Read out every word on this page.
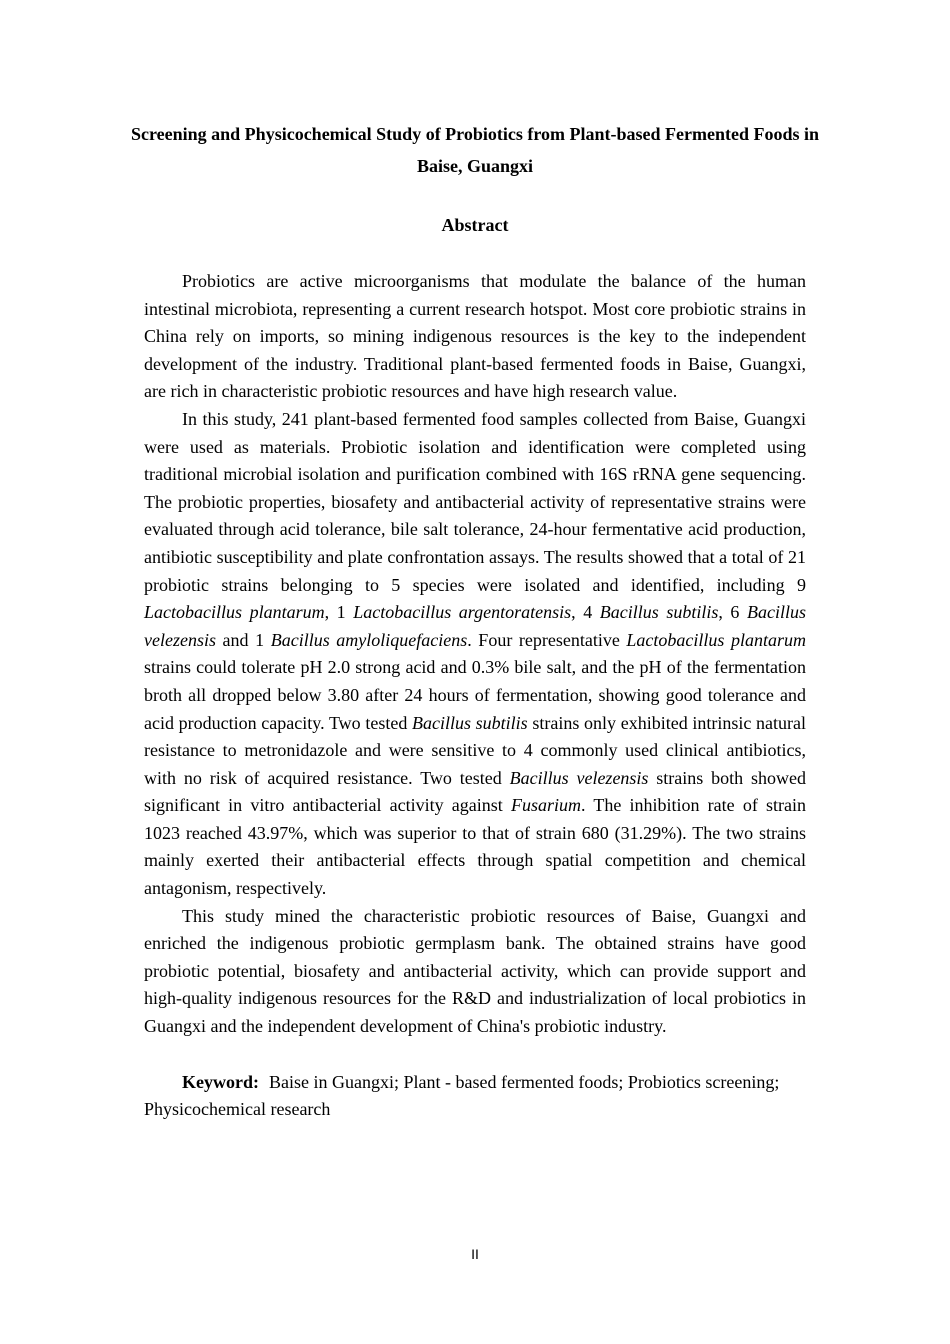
Screening and Physicochemical Study of Probiotics from Plant-based Fermented Foods in Baise, Guangxi

Abstract

Probiotics are active microorganisms that modulate the balance of the human intestinal microbiota, representing a current research hotspot. Most core probiotic strains in China rely on imports, so mining indigenous resources is the key to the independent development of the industry. Traditional plant-based fermented foods in Baise, Guangxi, are rich in characteristic probiotic resources and have high research value.

In this study, 241 plant-based fermented food samples collected from Baise, Guangxi were used as materials. Probiotic isolation and identification were completed using traditional microbial isolation and purification combined with 16S rRNA gene sequencing. The probiotic properties, biosafety and antibacterial activity of representative strains were evaluated through acid tolerance, bile salt tolerance, 24-hour fermentative acid production, antibiotic susceptibility and plate confrontation assays. The results showed that a total of 21 probiotic strains belonging to 5 species were isolated and identified, including 9 Lactobacillus plantarum, 1 Lactobacillus argentoratensis, 4 Bacillus subtilis, 6 Bacillus velezensis and 1 Bacillus amyloliquefaciens. Four representative Lactobacillus plantarum strains could tolerate pH 2.0 strong acid and 0.3% bile salt, and the pH of the fermentation broth all dropped below 3.80 after 24 hours of fermentation, showing good tolerance and acid production capacity. Two tested Bacillus subtilis strains only exhibited intrinsic natural resistance to metronidazole and were sensitive to 4 commonly used clinical antibiotics, with no risk of acquired resistance. Two tested Bacillus velezensis strains both showed significant in vitro antibacterial activity against Fusarium. The inhibition rate of strain 1023 reached 43.97%, which was superior to that of strain 680 (31.29%). The two strains mainly exerted their antibacterial effects through spatial competition and chemical antagonism, respectively.

This study mined the characteristic probiotic resources of Baise, Guangxi and enriched the indigenous probiotic germplasm bank. The obtained strains have good probiotic potential, biosafety and antibacterial activity, which can provide support and high-quality indigenous resources for the R&D and industrialization of local probiotics in Guangxi and the independent development of China's probiotic industry.

Keyword: Baise in Guangxi; Plant - based fermented foods; Probiotics screening; Physicochemical research

II
